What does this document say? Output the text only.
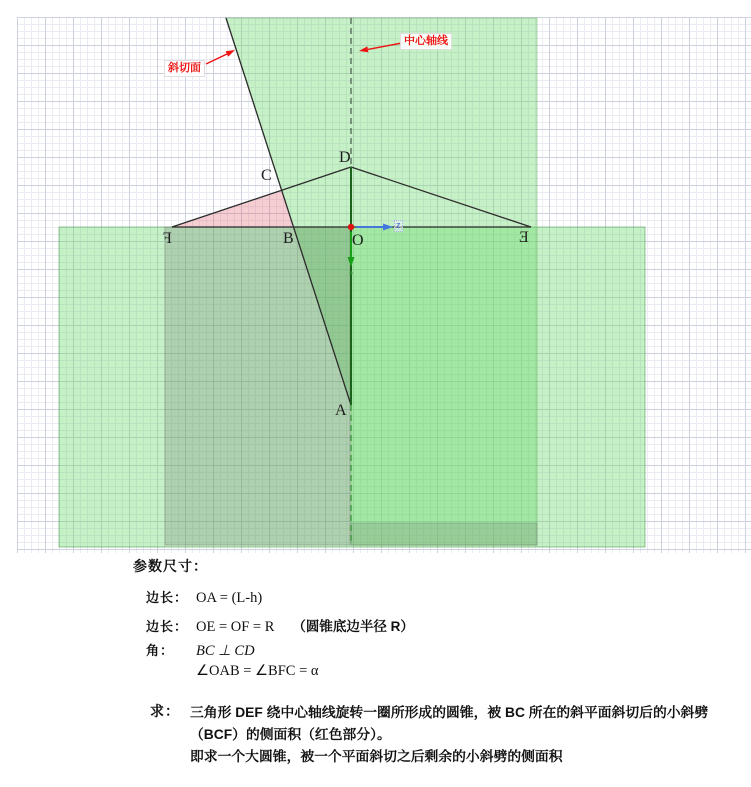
D
C
B
A
O
F	E
z
斜切面
中心轴线
参数尺寸：
边长： OA = (L-h)
边长： OE = OF = R （圆锥底边半径 R）
角： BC ⊥ CD
∠OAB = ∠BFC = α
求： 三角形 DEF 绕中心轴线旋转一圈所形成的圆锥，被 BC 所在的斜平面斜切后的小斜劈
（BCF）的侧面积（红色部分）。
即求一个大圆锥，被一个平面斜切之后剩余的小斜劈的侧面积
